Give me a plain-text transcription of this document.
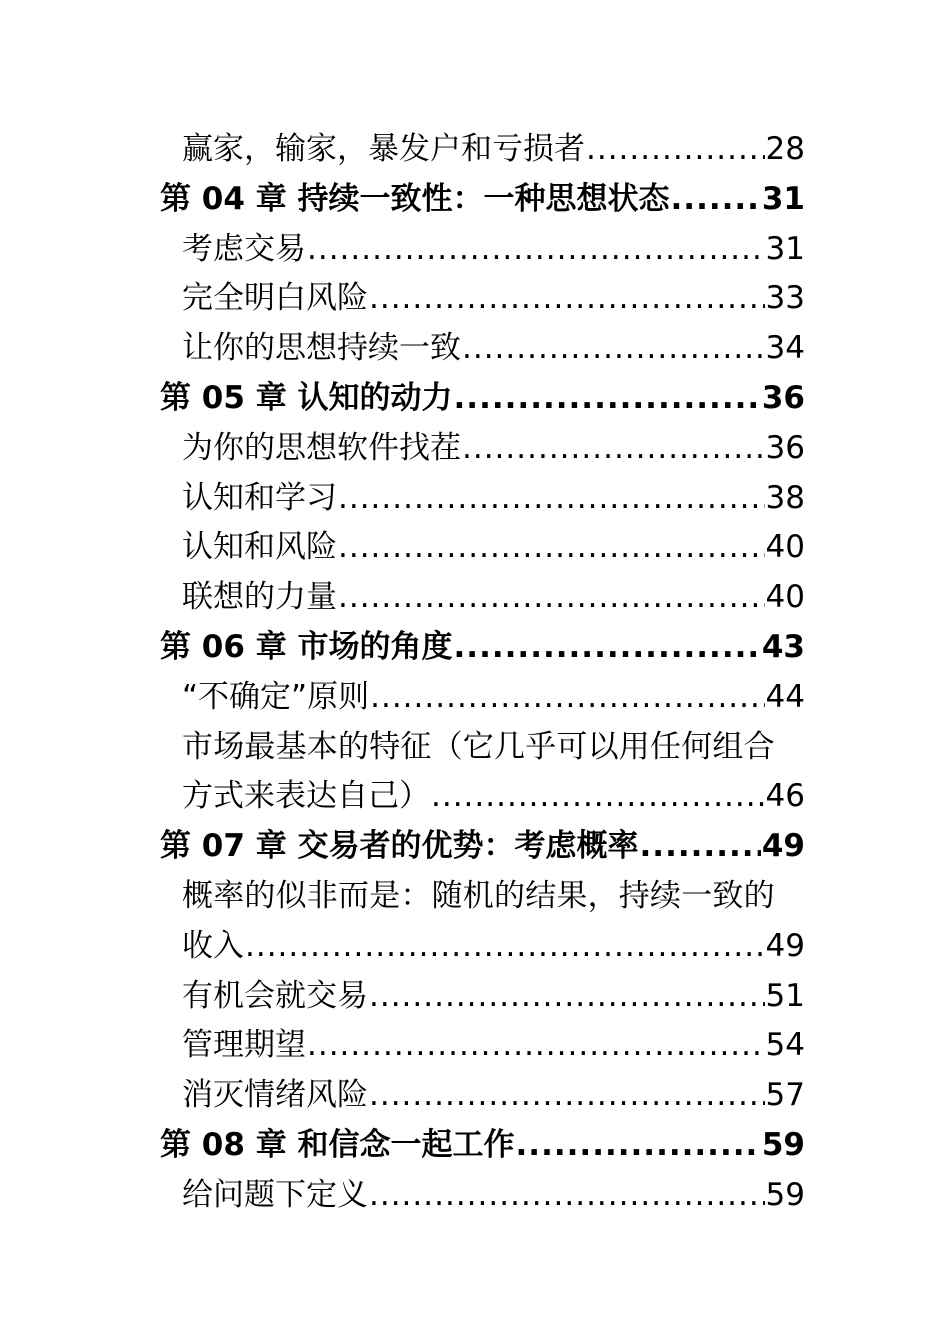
赢家，输家，暴发户和亏损者 .....	28
第 04 章 持续一致性：一种思想状态 .....	31
考虑交易 .....	31
完全明白风险 .....	33
让你的思想持续一致 .....	34
第 05 章 认知的动力 .....	36
为你的思想软件找茬 .....	36
认知和学习 .....	38
认知和风险 .....	40
联想的力量 .....	40
第 06 章 市场的角度 .....	43
“不确定”原则 .....	44
市场最基本的特征（它几乎可以用任何组合
方式来表达自己） .....	46
第 07 章 交易者的优势：考虑概率 .....	49
概率的似非而是：随机的结果，持续一致的
收入 .....	49
有机会就交易 .....	51
管理期望 .....	54
消灭情绪风险 .....	57
第 08 章 和信念一起工作 .....	59
给问题下定义 .....	59
